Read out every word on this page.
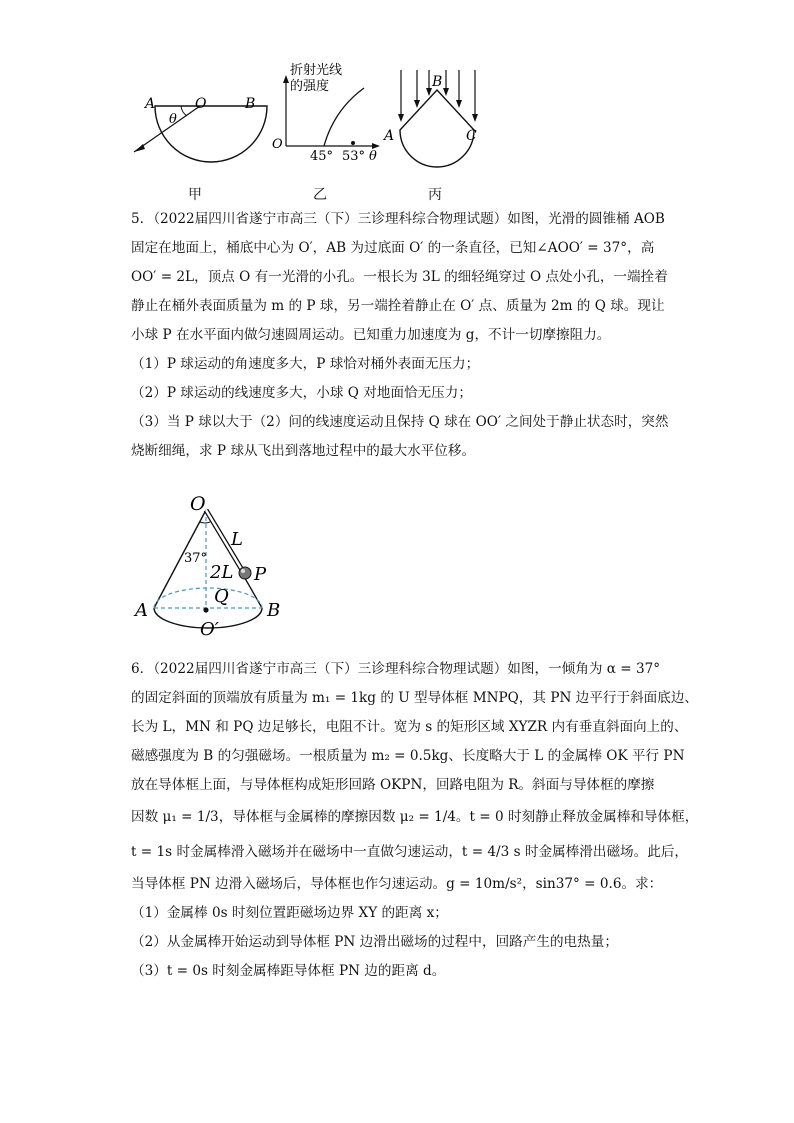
A	O	B
θ
甲
折射光线
的强度
O
45° 53° θ
乙
A
B
C
丙
5．（2022届四川省遂宁市高三（下）三诊理科综合物理试题）如图，光滑的圆锥桶 AOB
固定在地面上，桶底中心为 O′，AB 为过底面 O′ 的一条直径，已知∠AOO′ = 37°，高
OO′ = 2L，顶点 O 有一光滑的小孔。一根长为 3L 的细轻绳穿过 O 点处小孔，一端拴着
静止在桶外表面质量为 m 的 P 球，另一端拴着静止在 O′ 点、质量为 2m 的 Q 球。现让
小球 P 在水平面内做匀速圆周运动。已知重力加速度为 g，不计一切摩擦阻力。
（1）P 球运动的角速度多大，P 球恰对桶外表面无压力；
（2）P 球运动的线速度多大，小球 Q 对地面恰无压力；
（3）当 P 球以大于（2）问的线速度运动且保持 Q 球在 OO′ 之间处于静止状态时，突然
烧断细绳，求 P 球从飞出到落地过程中的最大水平位移。
O
L
37°
2L P
Q
A	B
O′
6．（2022届四川省遂宁市高三（下）三诊理科综合物理试题）如图，一倾角为 α = 37°
的固定斜面的顶端放有质量为 m₁ = 1kg 的 U 型导体框 MNPQ，其 PN 边平行于斜面底边、
长为 L，MN 和 PQ 边足够长，电阻不计。宽为 s 的矩形区域 XYZR 内有垂直斜面向上的、
磁感强度为 B 的匀强磁场。一根质量为 m₂ = 0.5kg、长度略大于 L 的金属棒 OK 平行 PN
放在导体框上面，与导体框构成矩形回路 OKPN，回路电阻为 R。斜面与导体框的摩擦
因数 μ₁ = 1/3，导体框与金属棒的摩擦因数 μ₂ = 1/4。t = 0 时刻静止释放金属棒和导体框，
t = 1s 时金属棒滑入磁场并在磁场中一直做匀速运动，t = 4/3 s 时金属棒滑出磁场。此后，
当导体框 PN 边滑入磁场后，导体框也作匀速运动。g = 10m/s²，sin37° = 0.6。求：
（1）金属棒 0s 时刻位置距磁场边界 XY 的距离 x；
（2）从金属棒开始运动到导体框 PN 边滑出磁场的过程中，回路产生的电热量；
（3）t = 0s 时刻金属棒距导体框 PN 边的距离 d。
